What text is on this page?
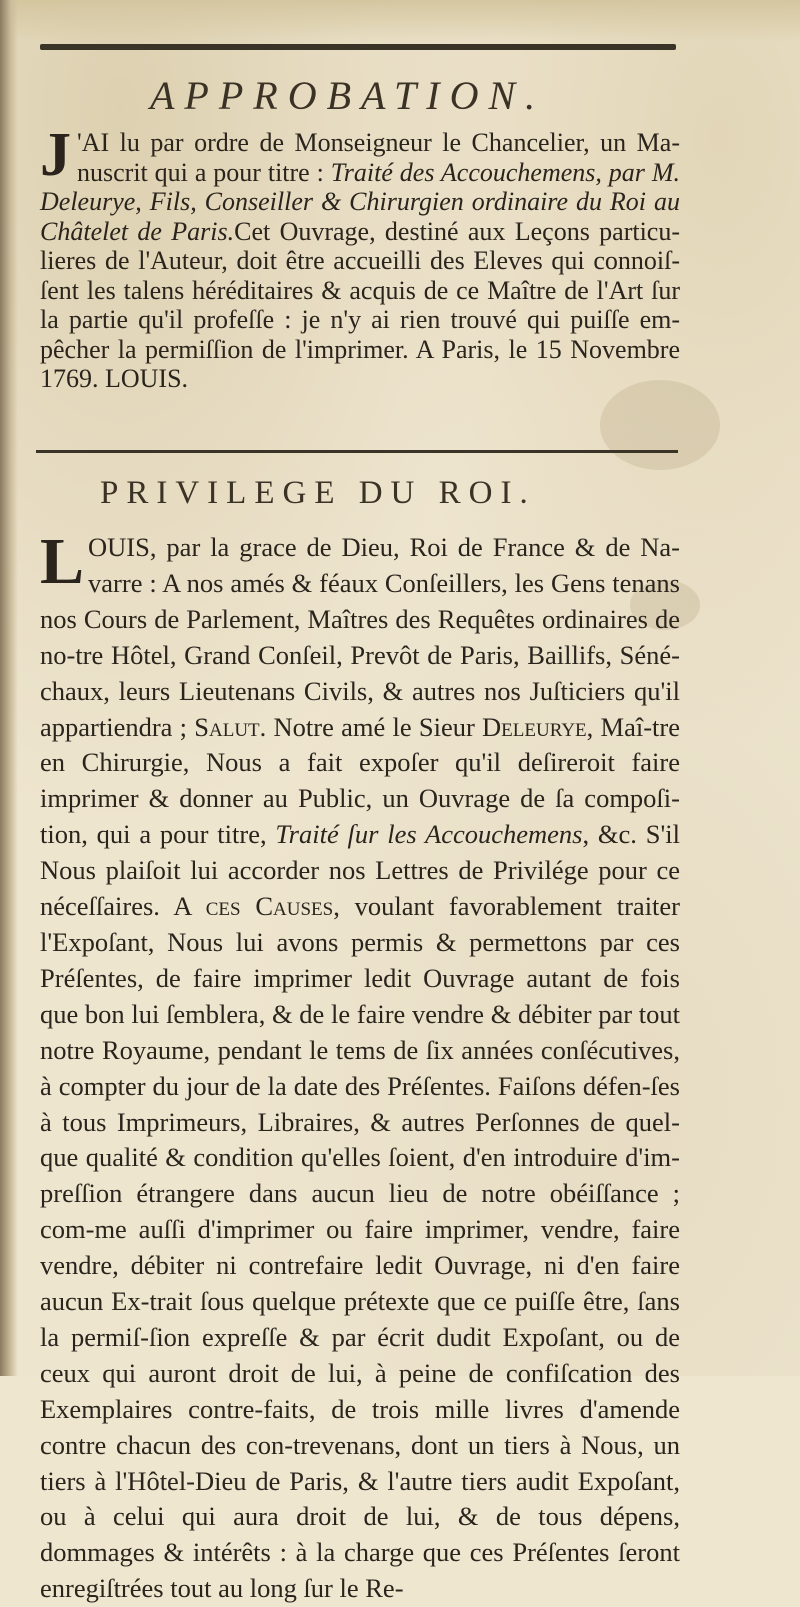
APPROBATION.
J 'AI lu par ordre de Monseigneur le Chancelier, un Ma-nuscrit qui a pour titre : Traité des Accouchemens, par M. Deleurye, Fils, Conseiller & Chirurgien ordinaire du Roi au Châtelet de Paris.Cet Ouvrage, destiné aux Leçons particu-lieres de l'Auteur, doit être accueilli des Eleves qui connoiſ-ſent les talens héréditaires & acquis de ce Maître de l'Art ſur la partie qu'il profeſſe : je n'y ai rien trouvé qui puiſſe em-pêcher la permiſſion de l'imprimer. A Paris, le 15 Novembre 1769. LOUIS.
PRIVILEGE DU ROI.
LOUIS, par la grace de Dieu, Roi de France & de Na-varre : A nos amés & féaux Conſeillers, les Gens tenans nos Cours de Parlement, Maîtres des Requêtes ordinaires de no-tre Hôtel, Grand Conſeil, Prevôt de Paris, Baillifs, Séné-chaux, leurs Lieutenans Civils, & autres nos Juſticiers qu'il appartiendra ; Salut. Notre amé le Sieur Deleurye, Maî-tre en Chirurgie, Nous a fait expoſer qu'il deſireroit faire imprimer & donner au Public, un Ouvrage de ſa compoſi-tion, qui a pour titre, Traité ſur les Accouchemens, &c. S'il Nous plaiſoit lui accorder nos Lettres de Privilége pour ce néceſſaires. A ces Causes, voulant favorablement traiter l'Expoſant, Nous lui avons permis & permettons par ces Préſentes, de faire imprimer ledit Ouvrage autant de fois que bon lui ſemblera, & de le faire vendre & débiter par tout notre Royaume, pendant le tems de ſix années conſécutives, à compter du jour de la date des Préſentes. Faiſons défen-ſes à tous Imprimeurs, Libraires, & autres Perſonnes de quel-que qualité & condition qu'elles ſoient, d'en introduire d'im-preſſion étrangere dans aucun lieu de notre obéiſſance ; com-me auſſi d'imprimer ou faire imprimer, vendre, faire vendre, débiter ni contrefaire ledit Ouvrage, ni d'en faire aucun Ex-trait ſous quelque prétexte que ce puiſſe être, ſans la permiſ-ſion expreſſe & par écrit dudit Expoſant, ou de ceux qui auront droit de lui, à peine de confiſcation des Exemplaires contre-faits, de trois mille livres d'amende contre chacun des con-trevenans, dont un tiers à Nous, un tiers à l'Hôtel-Dieu de Paris, & l'autre tiers audit Expoſant, ou à celui qui aura droit de lui, & de tous dépens, dommages & intérêts : à la charge que ces Préſentes ſeront enregiſtrées tout au long ſur le Re-
